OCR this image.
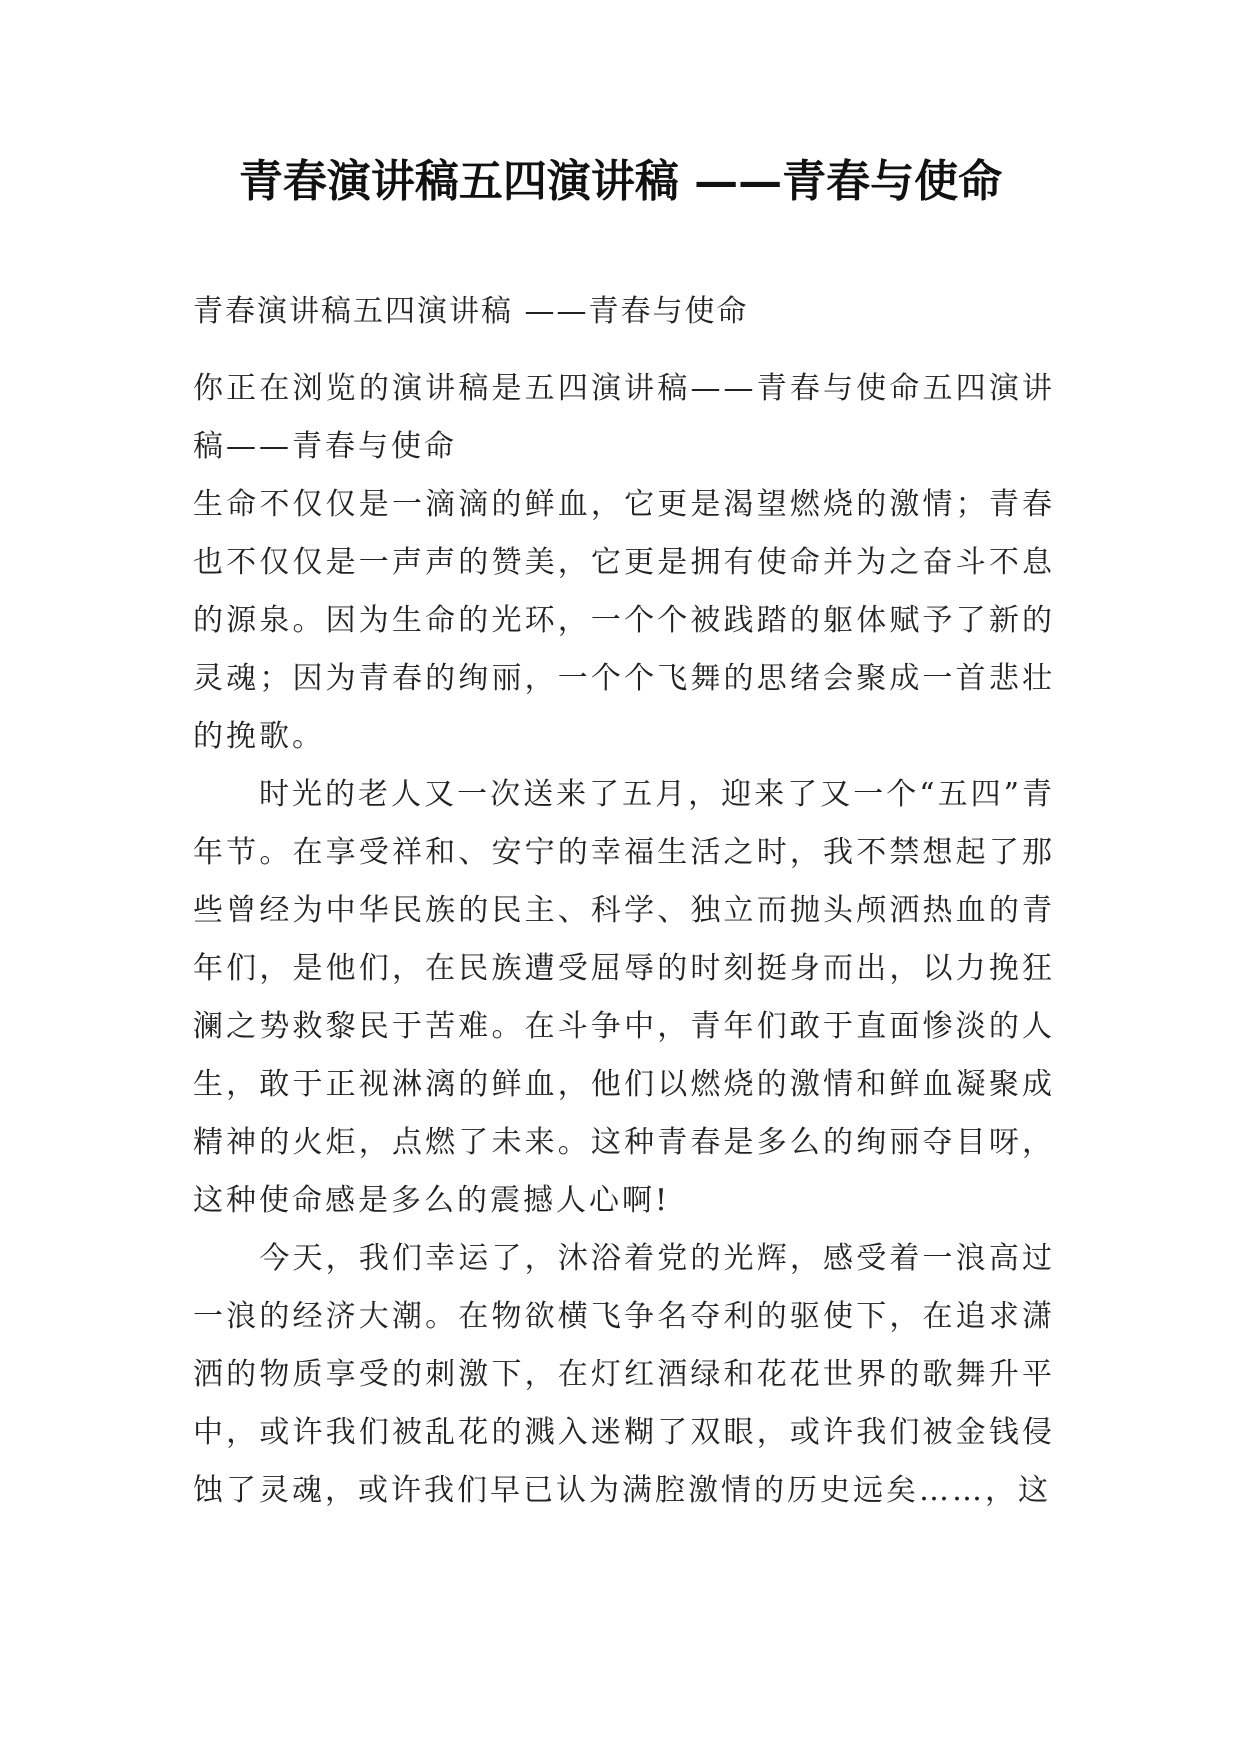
青春演讲稿五四演讲稿 ——青春与使命
青春演讲稿五四演讲稿 ——青春与使命

你正在浏览的演讲稿是五四演讲稿——青春与使命五四演讲稿——青春与使命

生命不仅仅是一滴滴的鲜血，它更是渴望燃烧的激情；青春也不仅仅是一声声的赞美，它更是拥有使命并为之奋斗不息的源泉。因为生命的光环，一个个被践踏的躯体赋予了新的灵魂；因为青春的绚丽，一个个飞舞的思绪会聚成一首悲壮的挽歌。

　　时光的老人又一次送来了五月，迎来了又一个“五四”青年节。在享受祥和、安宁的幸福生活之时，我不禁想起了那些曾经为中华民族的民主、科学、独立而抛头颅洒热血的青年们，是他们，在民族遭受屈辱的时刻挺身而出，以力挽狂澜之势救黎民于苦难。在斗争中，青年们敢于直面惨淡的人生，敢于正视淋漓的鲜血，他们以燃烧的激情和鲜血凝聚成精神的火炬，点燃了未来。这种青春是多么的绚丽夺目呀，这种使命感是多么的震撼人心啊!

　　今天，我们幸运了，沐浴着党的光辉，感受着一浪高过一浪的经济大潮。在物欲横飞争名夺利的驱使下，在追求潇洒的物质享受的刺激下，在灯红酒绿和花花世界的歌舞升平中，或许我们被乱花的溅入迷糊了双眼，或许我们被金钱侵蚀了灵魂，或许我们早已认为满腔激情的历史远矣……，这
